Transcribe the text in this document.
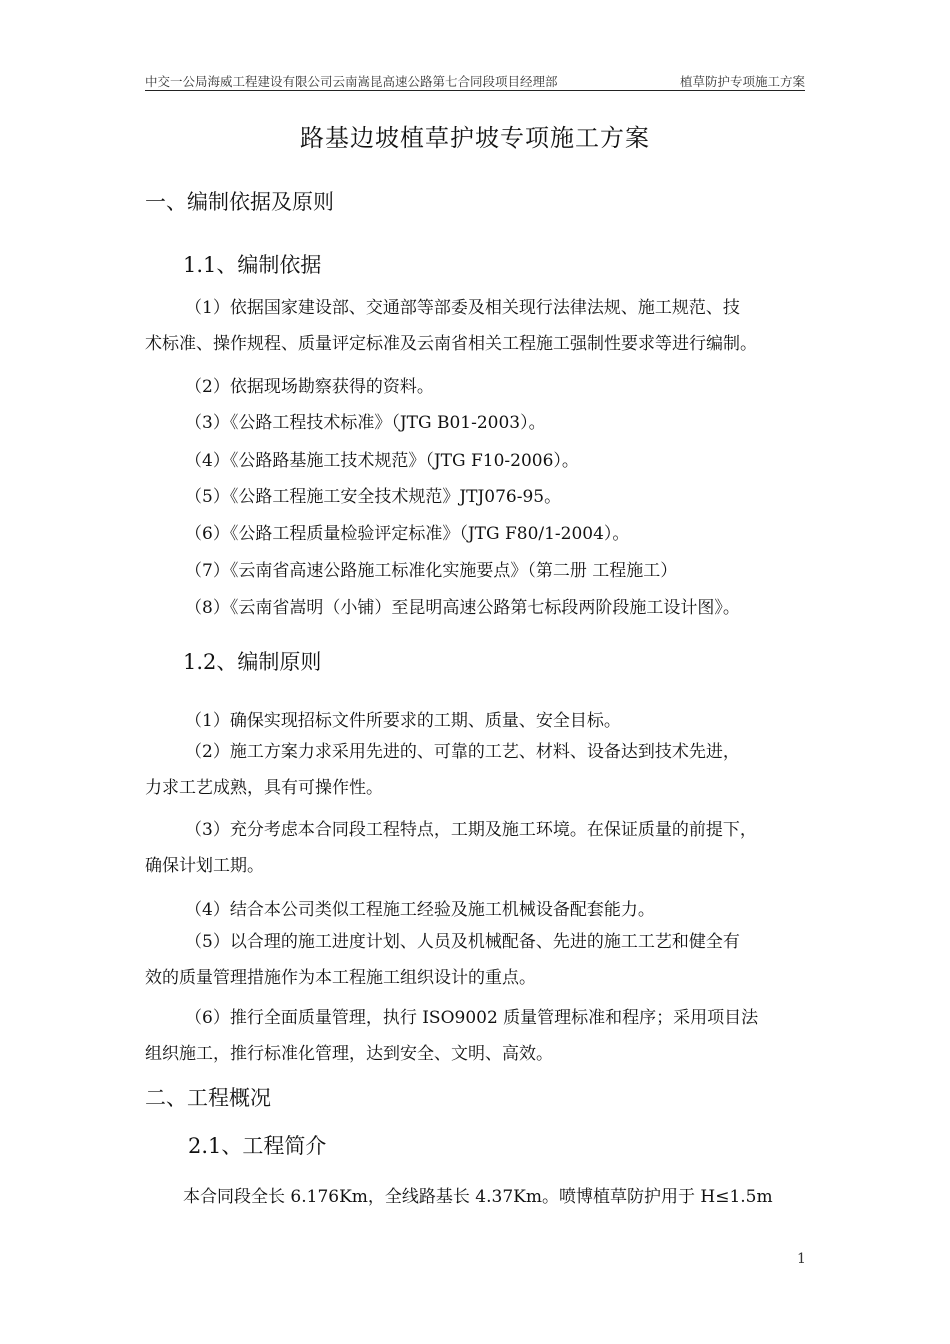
中交一公局海威工程建设有限公司云南嵩昆高速公路第七合同段项目经理部	植草防护专项施工方案
路基边坡植草护坡专项施工方案
一、编制依据及原则
1.1、编制依据
（1）依据国家建设部、交通部等部委及相关现行法律法规、施工规范、技
术标准、操作规程、质量评定标准及云南省相关工程施工强制性要求等进行编制。
（2）依据现场勘察获得的资料。
（3）《公路工程技术标准》（JTG B01-2003）。
（4）《公路路基施工技术规范》（JTG F10-2006）。
（5）《公路工程施工安全技术规范》JTJ076-95。
（6）《公路工程质量检验评定标准》（JTG F80/1-2004）。
（7）《云南省高速公路施工标准化实施要点》（第二册 工程施工）
（8）《云南省嵩明（小铺）至昆明高速公路第七标段两阶段施工设计图》。
1.2、编制原则
（1）确保实现招标文件所要求的工期、质量、安全目标。
（2）施工方案力求采用先进的、可靠的工艺、材料、设备达到技术先进，
力求工艺成熟，具有可操作性。
（3）充分考虑本合同段工程特点，工期及施工环境。在保证质量的前提下，
确保计划工期。
（4）结合本公司类似工程施工经验及施工机械设备配套能力。
（5）以合理的施工进度计划、人员及机械配备、先进的施工工艺和健全有
效的质量管理措施作为本工程施工组织设计的重点。
（6）推行全面质量管理，执行 ISO9002 质量管理标准和程序；采用项目法
组织施工，推行标准化管理，达到安全、文明、高效。
二、工程概况
2.1、工程简介
本合同段全长 6.176Km，全线路基长 4.37Km。喷博植草防护用于 H≤1.5m
1
